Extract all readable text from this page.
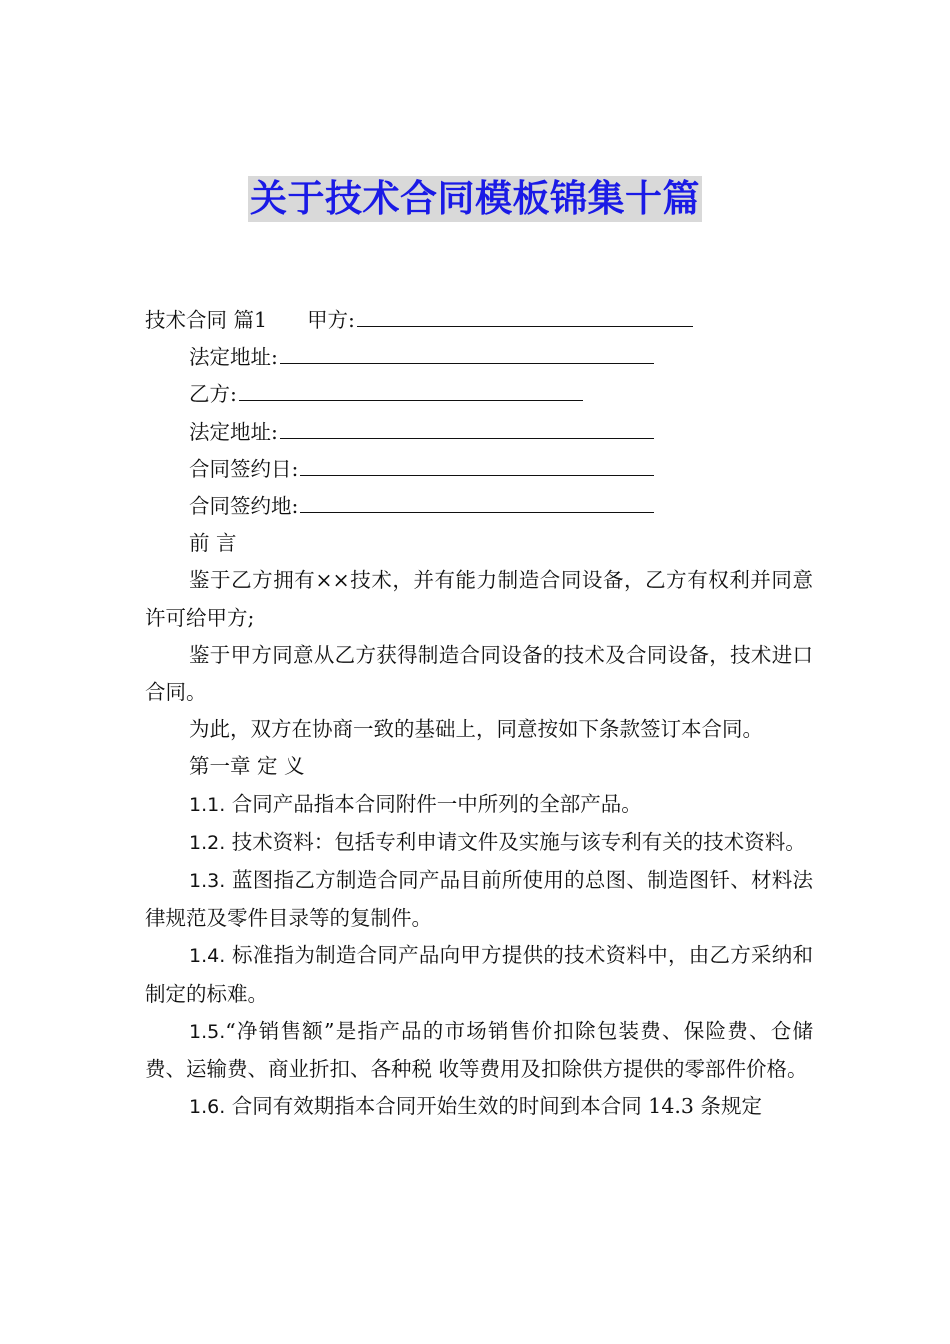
关于技术合同模板锦集十篇
技术合同 篇1 甲方:
法定地址:
乙方:
法定地址:
合同签约日:
合同签约地:
前 言
鉴于乙方拥有××技术，并有能力制造合同设备，乙方有权利并同意许可给甲方;
鉴于甲方同意从乙方获得制造合同设备的技术及合同设备，技术进口合同。
为此，双方在协商一致的基础上，同意按如下条款签订本合同。
第一章 定 义
1.1. 合同产品指本合同附件一中所列的全部产品。
1.2. 技术资料：包括专利申请文件及实施与该专利有关的技术资料。
1.3. 蓝图指乙方制造合同产品目前所使用的总图、制造图钎、材料法律规范及零件目录等的复制件。
1.4. 标准指为制造合同产品向甲方提供的技术资料中，由乙方采纳和制定的标难。
1.5.“净销售额”是指产品的市场销售价扣除包装费、保险费、仓储费、运输费、商业折扣、各种税 收等费用及扣除供方提供的零部件价格。
1.6. 合同有效期指本合同开始生效的时间到本合同 14.3 条规定
